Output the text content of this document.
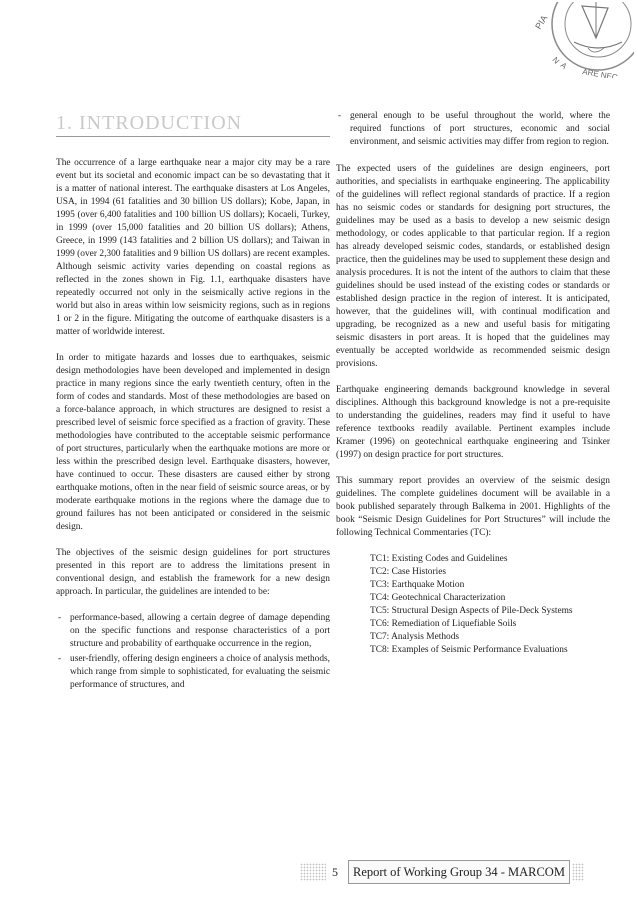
PIA
N
A
ARE NEC
1. INTRODUCTION

The occurrence of a large earthquake near a major city may be a rare event but its societal and economic impact can be so devastating that it is a matter of national interest. The earthquake disasters at Los Angeles, USA, in 1994 (61 fatalities and 30 billion US dollars); Kobe, Japan, in 1995 (over 6,400 fatalities and 100 billion US dollars); Kocaeli, Turkey, in 1999 (over 15,000 fatalities and 20 billion US dollars); Athens, Greece, in 1999 (143 fatalities and 2 billion US dollars); and Taiwan in 1999 (over 2,300 fatalities and 9 billion US dollars) are recent examples. Although seismic activity varies depending on coastal regions as reflected in the zones shown in Fig. 1.1, earthquake disasters have repeatedly occurred not only in the seismically active regions in the world but also in areas within low seismicity regions, such as in regions 1 or 2 in the figure. Mitigating the outcome of earthquake disasters is a matter of worldwide interest.

In order to mitigate hazards and losses due to earthquakes, seismic design methodologies have been developed and implemented in design practice in many regions since the early twentieth century, often in the form of codes and standards. Most of these methodologies are based on a force-balance approach, in which structures are designed to resist a prescribed level of seismic force specified as a fraction of gravity. These methodologies have contributed to the acceptable seismic performance of port structures, particularly when the earthquake motions are more or less within the prescribed design level. Earthquake disasters, however, have continued to occur. These disasters are caused either by strong earthquake motions, often in the near field of seismic source areas, or by moderate earthquake motions in the regions where the damage due to ground failures has not been anticipated or considered in the seismic design.

The objectives of the seismic design guidelines for port structures presented in this report are to address the limitations present in conventional design, and establish the framework for a new design approach. In particular, the guidelines are intended to be:

- performance-based, allowing a certain degree of damage depending on the specific functions and response characteristics of a port structure and probability of earthquake occurrence in the region,
- user-friendly, offering design engineers a choice of analysis methods, which range from simple to sophisticated, for evaluating the seismic performance of structures, and
- general enough to be useful throughout the world, where the required functions of port structures, economic and social environment, and seismic activities may differ from region to region.

The expected users of the guidelines are design engineers, port authorities, and specialists in earthquake engineering. The applicability of the guidelines will reflect regional standards of practice. If a region has no seismic codes or standards for designing port structures, the guidelines may be used as a basis to develop a new seismic design methodology, or codes applicable to that particular region. If a region has already developed seismic codes, standards, or established design practice, then the guidelines may be used to supplement these design and analysis procedures. It is not the intent of the authors to claim that these guidelines should be used instead of the existing codes or standards or established design practice in the region of interest. It is anticipated, however, that the guidelines will, with continual modification and upgrading, be recognized as a new and useful basis for mitigating seismic disasters in port areas. It is hoped that the guidelines may eventually be accepted worldwide as recommended seismic design provisions.

Earthquake engineering demands background knowledge in several disciplines. Although this background knowledge is not a pre-requisite to understanding the guidelines, readers may find it useful to have reference textbooks readily available. Pertinent examples include Kramer (1996) on geotechnical earthquake engineering and Tsinker (1997) on design practice for port structures.

This summary report provides an overview of the seismic design guidelines. The complete guidelines document will be available in a book published separately through Balkema in 2001. Highlights of the book “Seismic Design Guidelines for Port Structures” will include the following Technical Commentaries (TC):

TC1: Existing Codes and Guidelines
TC2: Case Histories
TC3: Earthquake Motion
TC4: Geotechnical Characterization
TC5: Structural Design Aspects of Pile-Deck Systems
TC6: Remediation of Liquefiable Soils
TC7: Analysis Methods
TC8: Examples of Seismic Performance Evaluations
5	Report of Working Group 34 - MARCOM
